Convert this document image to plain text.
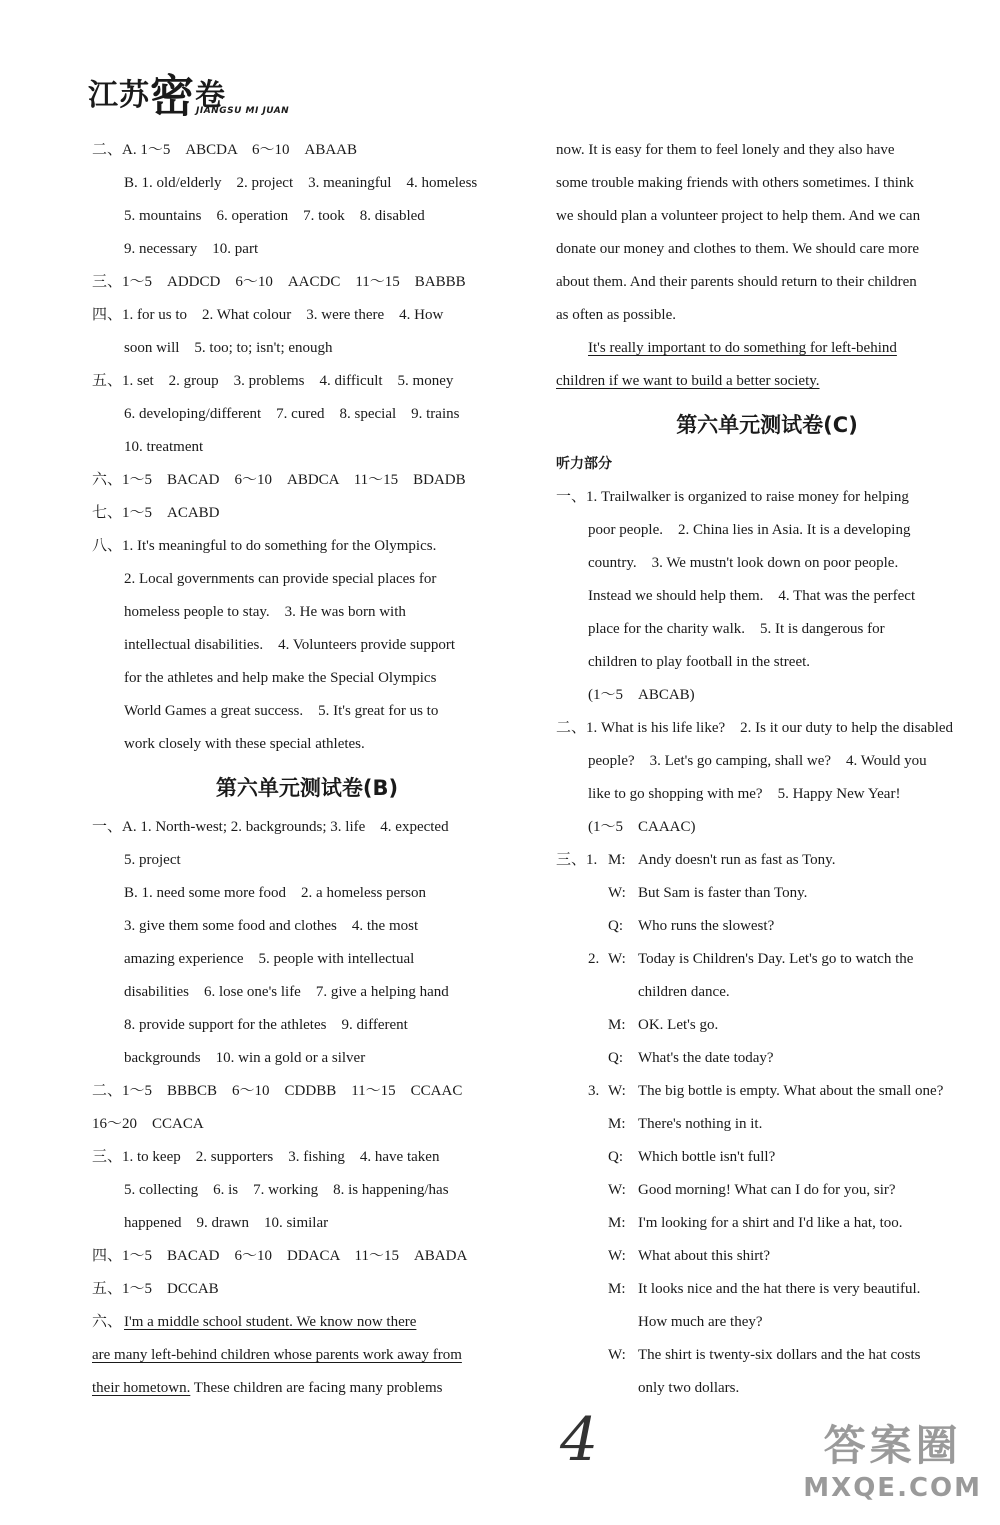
江苏密卷
JIANGSU MI JUAN
二、A. 1～5　ABCDA　6～10　ABAAB
B. 1. old/elderly　2. project　3. meaningful　4. homeless
5. mountains　6. operation　7. took　8. disabled
9. necessary　10. part
三、1～5　ADDCD　6～10　AACDC　11～15　BABBB
四、1. for us to　2. What colour　3. were there　4. How
soon will　5. too; to; isn't; enough
五、1. set　2. group　3. problems　4. difficult　5. money
6. developing/different　7. cured　8. special　9. trains
10. treatment
六、1～5　BACAD　6～10　ABDCA　11～15　BDADB
七、1～5　ACABD
八、1. It's meaningful to do something for the Olympics.
2. Local governments can provide special places for
homeless people to stay.　3. He was born with
intellectual disabilities.　4. Volunteers provide support
for the athletes and help make the Special Olympics
World Games a great success.　5. It's great for us to
work closely with these special athletes.
第六单元测试卷(B)
一、A. 1. North-west; 2. backgrounds; 3. life　4. expected
5. project
B. 1. need some more food　2. a homeless person
3. give them some food and clothes　4. the most
amazing experience　5. people with intellectual
disabilities　6. lose one's life　7. give a helping hand
8. provide support for the athletes　9. different
backgrounds　10. win a gold or a silver
二、1～5　BBBCB　6～10　CDDBB　11～15　CCAAC
16～20　CCACA
三、1. to keep　2. supporters　3. fishing　4. have taken
5. collecting　6. is　7. working　8. is happening/has
happened　9. drawn　10. similar
四、1～5　BACAD　6～10　DDACA　11～15　ABADA
五、1～5　DCCAB
六、 I'm a middle school student. We know now there
are many left-behind children whose parents work away from
their hometown. These children are facing many problems
now. It is easy for them to feel lonely and they also have
some trouble making friends with others sometimes. I think
we should plan a volunteer project to help them. And we can
donate our money and clothes to them. We should care more
about them. And their parents should return to their children
as often as possible.
It's really important to do something for left-behind
children if we want to build a better society.
第六单元测试卷(C)
听力部分
一、1. Trailwalker is organized to raise money for helping
poor people.　2. China lies in Asia. It is a developing
country.　3. We mustn't look down on poor people.
Instead we should help them.　4. That was the perfect
place for the charity walk.　5. It is dangerous for
children to play football in the street.
(1～5　ABCAB)
二、1. What is his life like?　2. Is it our duty to help the disabled
people?　3. Let's go camping, shall we?　4. Would you
like to go shopping with me?　5. Happy New Year!
(1～5　CAAAC)
三、1. M: Andy doesn't run as fast as Tony.
W: But Sam is faster than Tony.
Q: Who runs the slowest?
2. W: Today is Children's Day. Let's go to watch the
children dance.
M: OK. Let's go.
Q: What's the date today?
3. W: The big bottle is empty. What about the small one?
M: There's nothing in it.
Q: Which bottle isn't full?
W: Good morning! What can I do for you, sir?
M: I'm looking for a shirt and I'd like a hat, too.
W: What about this shirt?
M: It looks nice and the hat there is very beautiful.
How much are they?
W: The shirt is twenty-six dollars and the hat costs
only two dollars.
4	答案圈
MXQE.COM
